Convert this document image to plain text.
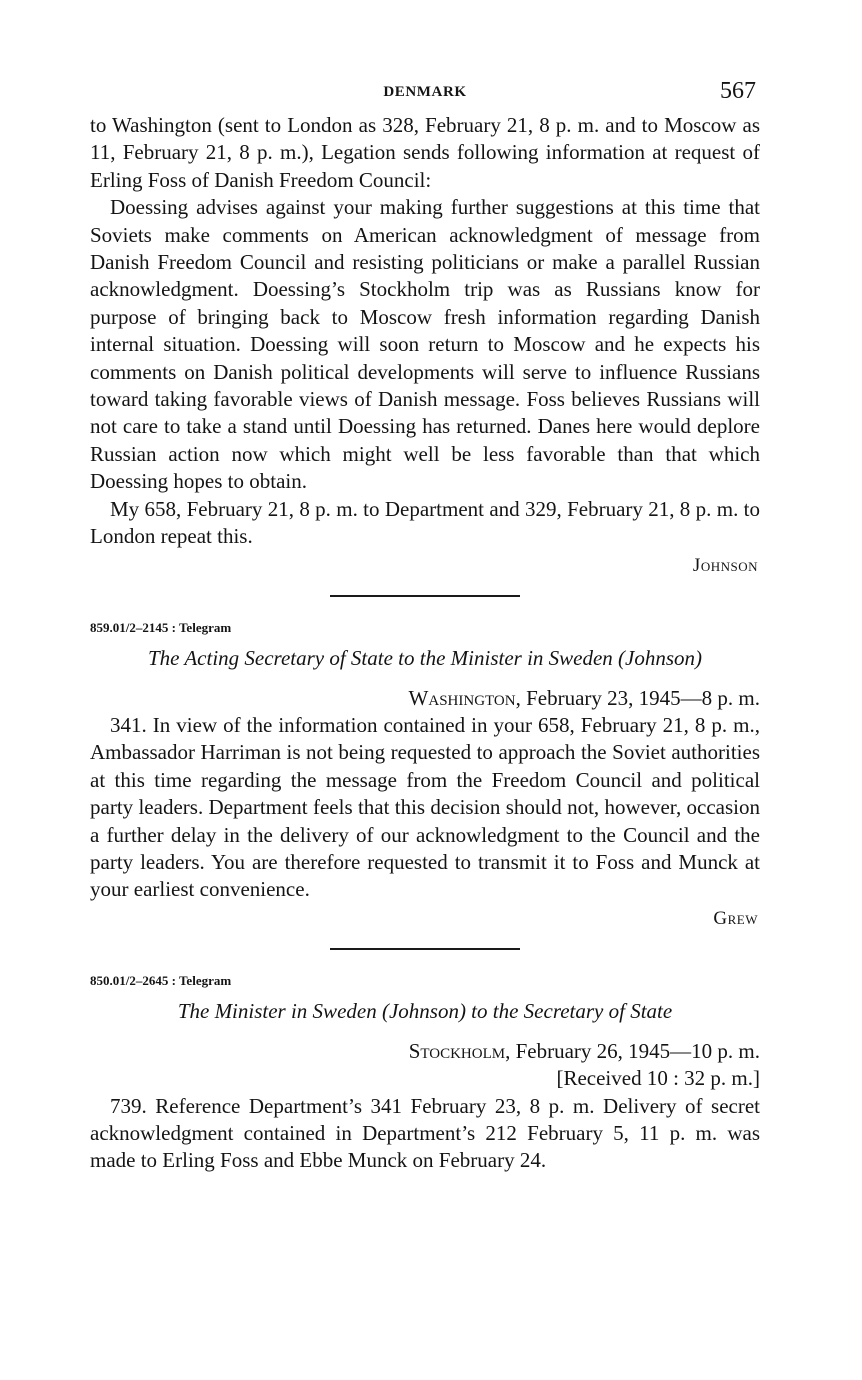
DENMARK	567

to Washington (sent to London as 328, February 21, 8 p. m. and to Moscow as 11, February 21, 8 p. m.), Legation sends following information at request of Erling Foss of Danish Freedom Council:

Doessing advises against your making further suggestions at this time that Soviets make comments on American acknowledgment of message from Danish Freedom Council and resisting politicians or make a parallel Russian acknowledgment. Doessing’s Stockholm trip was as Russians know for purpose of bringing back to Moscow fresh information regarding Danish internal situation. Doessing will soon return to Moscow and he expects his comments on Danish political developments will serve to influence Russians toward taking favorable views of Danish message. Foss believes Russians will not care to take a stand until Doessing has returned. Danes here would deplore Russian action now which might well be less favorable than that which Doessing hopes to obtain.

My 658, February 21, 8 p. m. to Department and 329, February 21, 8 p. m. to London repeat this.

Johnson

859.01/2–2145 : Telegram

The Acting Secretary of State to the Minister in Sweden (Johnson)

Washington, February 23, 1945—8 p. m.

341. In view of the information contained in your 658, February 21, 8 p. m., Ambassador Harriman is not being requested to approach the Soviet authorities at this time regarding the message from the Freedom Council and political party leaders. Department feels that this decision should not, however, occasion a further delay in the delivery of our acknowledgment to the Council and the party leaders. You are therefore requested to transmit it to Foss and Munck at your earliest convenience.

Grew

850.01/2–2645 : Telegram

The Minister in Sweden (Johnson) to the Secretary of State

Stockholm, February 26, 1945—10 p. m.

[Received 10 : 32 p. m.]

739. Reference Department’s 341 February 23, 8 p. m. Delivery of secret acknowledgment contained in Department’s 212 February 5, 11 p. m. was made to Erling Foss and Ebbe Munck on February 24.
